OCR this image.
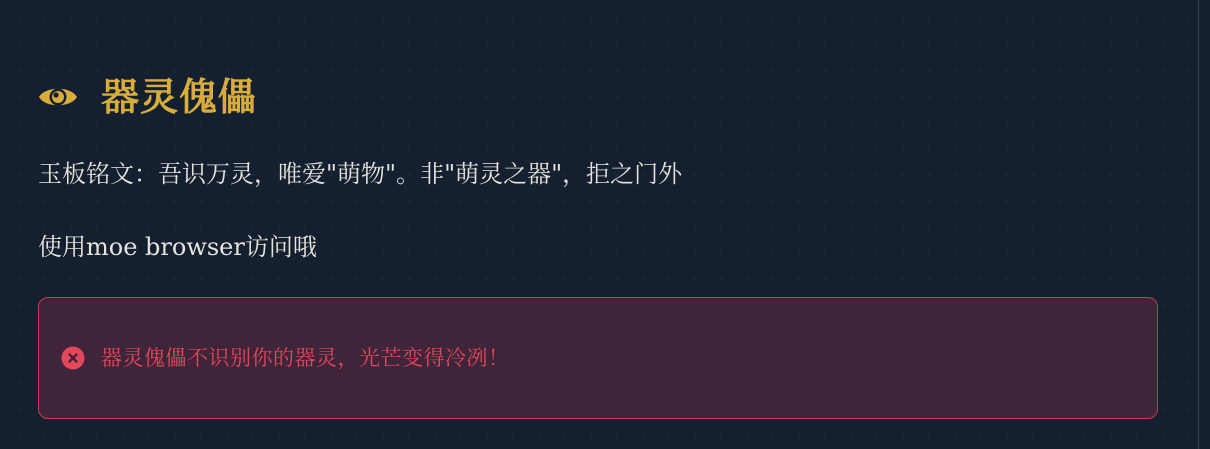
器灵傀儡

玉板铭文：吾识万灵，唯爱"萌物"。非"萌灵之器"，拒之门外

使用moe browser访问哦

器灵傀儡不识别你的器灵，光芒变得冷冽！
